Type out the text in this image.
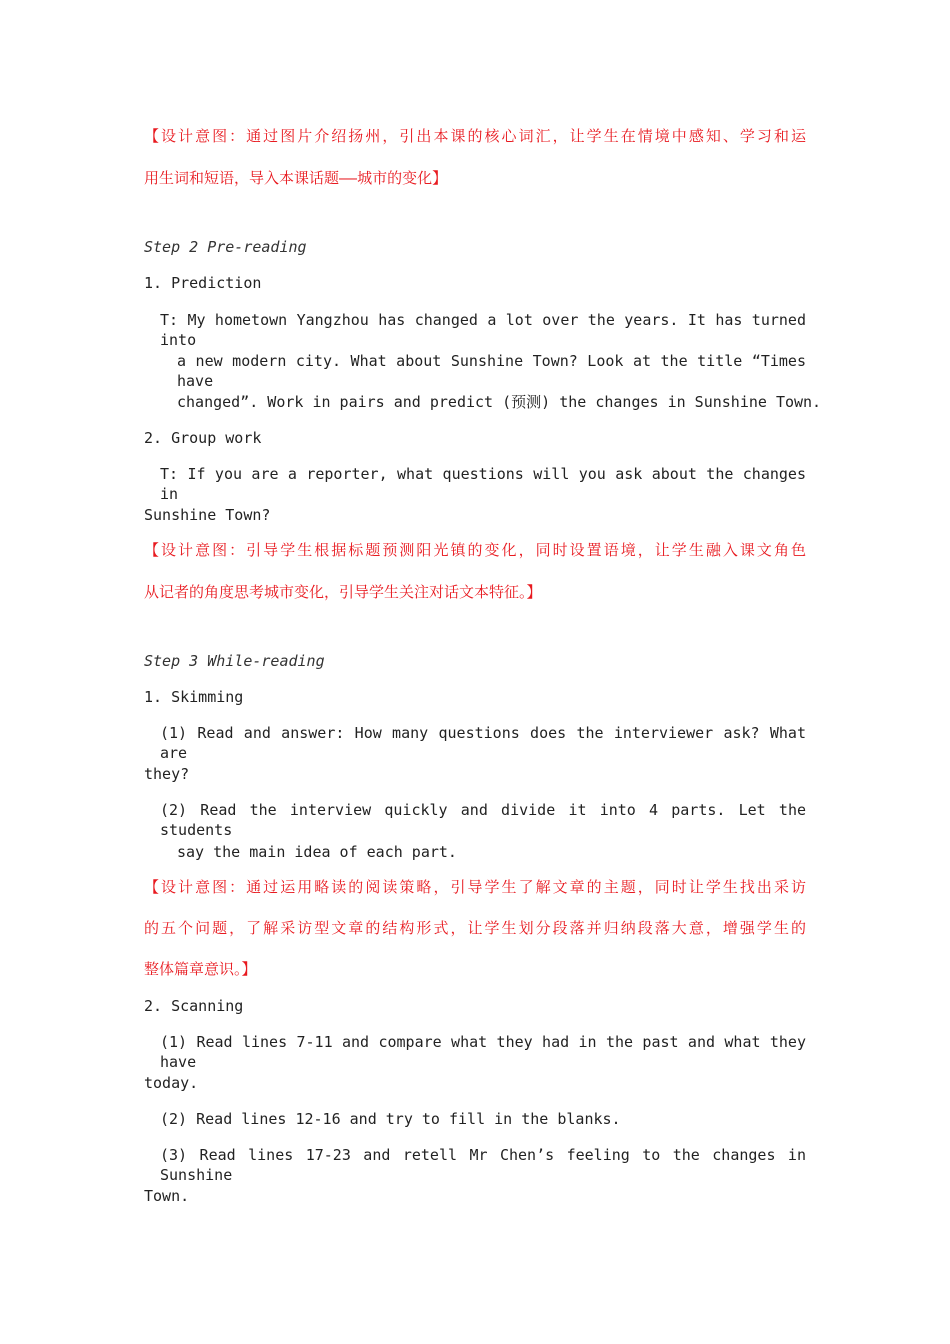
【设计意图：通过图片介绍扬州，引出本课的核心词汇，让学生在情境中感知、学习和运
用生词和短语，导入本课话题——城市的变化】
Step 2 Pre-reading
1. Prediction
T: My hometown Yangzhou has changed a lot over the years. It has turned into
a new modern city. What about Sunshine Town? Look at the title “Times have
changed”. Work in pairs and predict (预测) the changes in Sunshine Town.
2. Group work
T: If you are a reporter, what questions will you ask about the changes in
Sunshine Town?
【设计意图：引导学生根据标题预测阳光镇的变化，同时设置语境，让学生融入课文角色
从记者的角度思考城市变化，引导学生关注对话文本特征。】
Step 3 While-reading
1. Skimming
(1) Read and answer: How many questions does the interviewer ask? What are
they?
(2) Read the interview quickly and divide it into 4 parts. Let the students
say the main idea of each part.
【设计意图：通过运用略读的阅读策略，引导学生了解文章的主题，同时让学生找出采访
的五个问题，了解采访型文章的结构形式，让学生划分段落并归纳段落大意，增强学生的
整体篇章意识。】
2. Scanning
(1) Read lines 7-11 and compare what they had in the past and what they have
today.
(2) Read lines 12-16 and try to fill in the blanks.
(3) Read lines 17-23 and retell Mr Chen’s feeling to the changes in Sunshine
Town.
